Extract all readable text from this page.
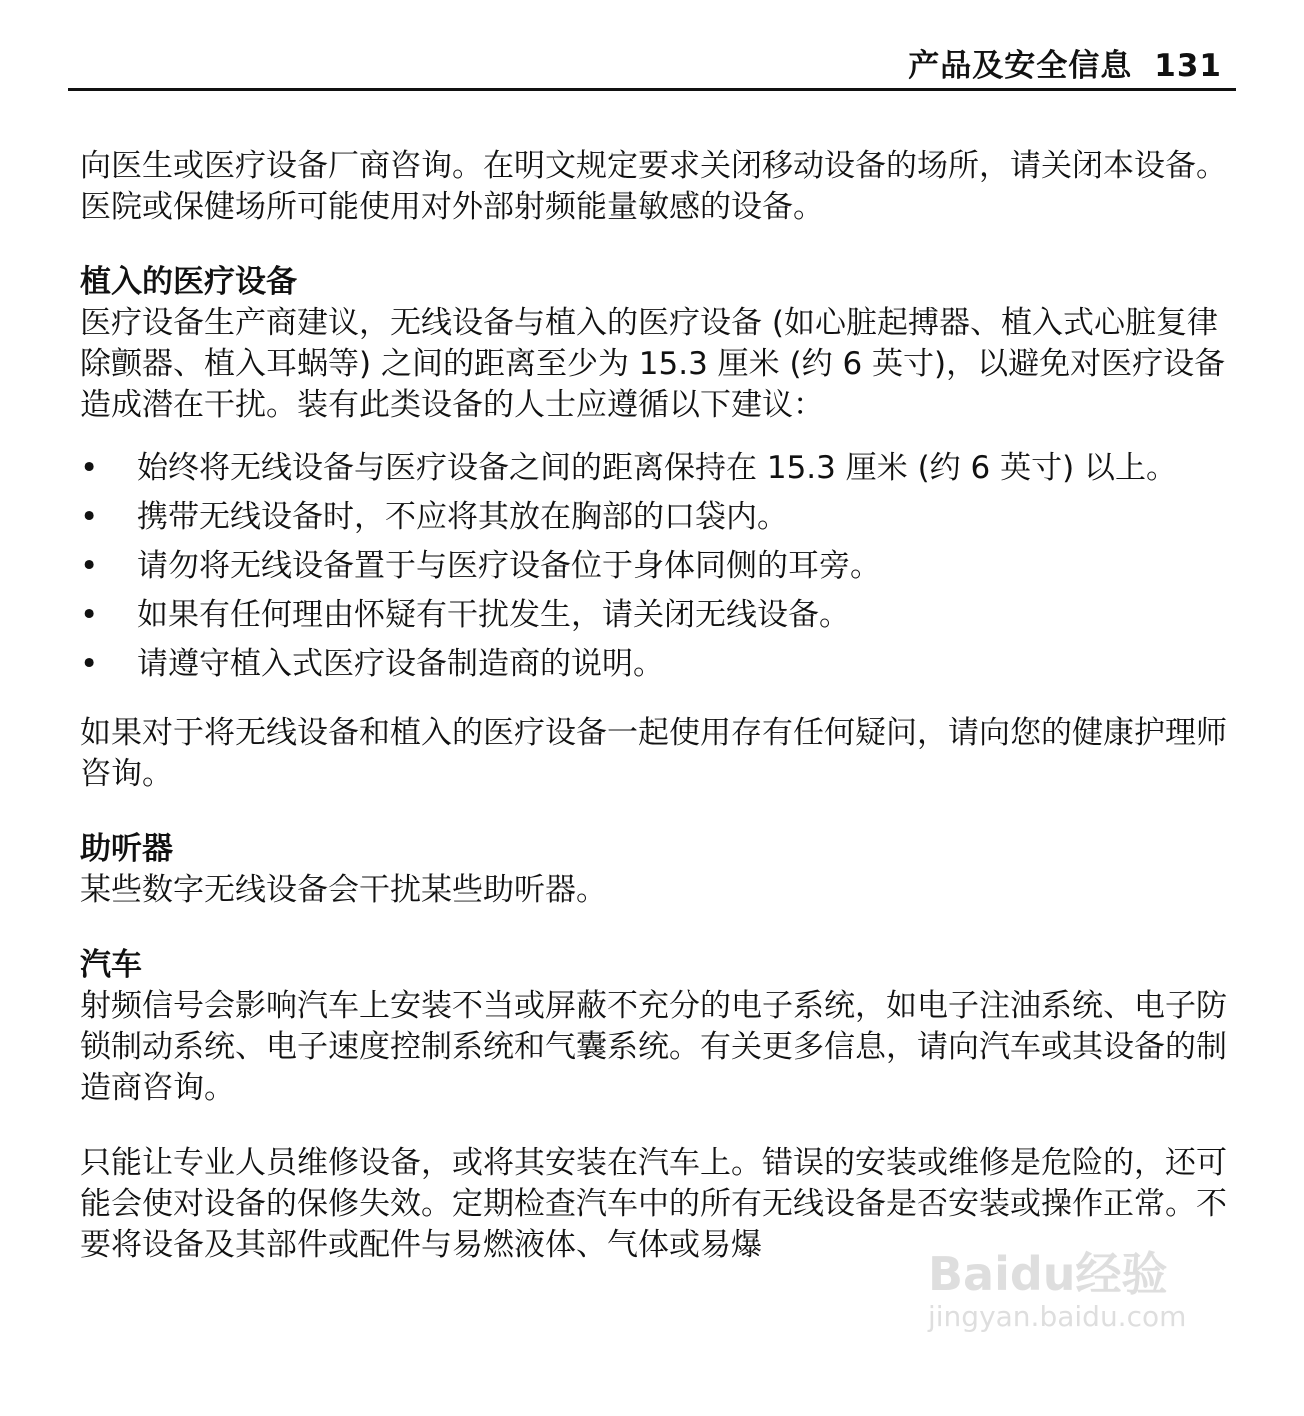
产品及安全信息 131

向医生或医疗设备厂商咨询。在明文规定要求关闭移动设备的场所，请关闭本设备。医院或保健场所可能使用对外部射频能量敏感的设备。

植入的医疗设备

医疗设备生产商建议，无线设备与植入的医疗设备 (如心脏起搏器、植入式心脏复律除颤器、植入耳蜗等) 之间的距离至少为 15.3 厘米 (约 6 英寸)，以避免对医疗设备造成潜在干扰。装有此类设备的人士应遵循以下建议：

• 始终将无线设备与医疗设备之间的距离保持在 15.3 厘米 (约 6 英寸) 以上。
• 携带无线设备时，不应将其放在胸部的口袋内。
• 请勿将无线设备置于与医疗设备位于身体同侧的耳旁。
• 如果有任何理由怀疑有干扰发生，请关闭无线设备。
• 请遵守植入式医疗设备制造商的说明。

如果对于将无线设备和植入的医疗设备一起使用存有任何疑问，请向您的健康护理师咨询。

助听器

某些数字无线设备会干扰某些助听器。

汽车

射频信号会影响汽车上安装不当或屏蔽不充分的电子系统，如电子注油系统、电子防锁制动系统、电子速度控制系统和气囊系统。有关更多信息，请向汽车或其设备的制造商咨询。

只能让专业人员维修设备，或将其安装在汽车上。错误的安装或维修是危险的，还可能会使对设备的保修失效。定期检查汽车中的所有无线设备是否安装或操作正常。不要将设备及其部件或配件与易燃液体、气体或易爆

Baidu经验
jingyan.baidu.com
